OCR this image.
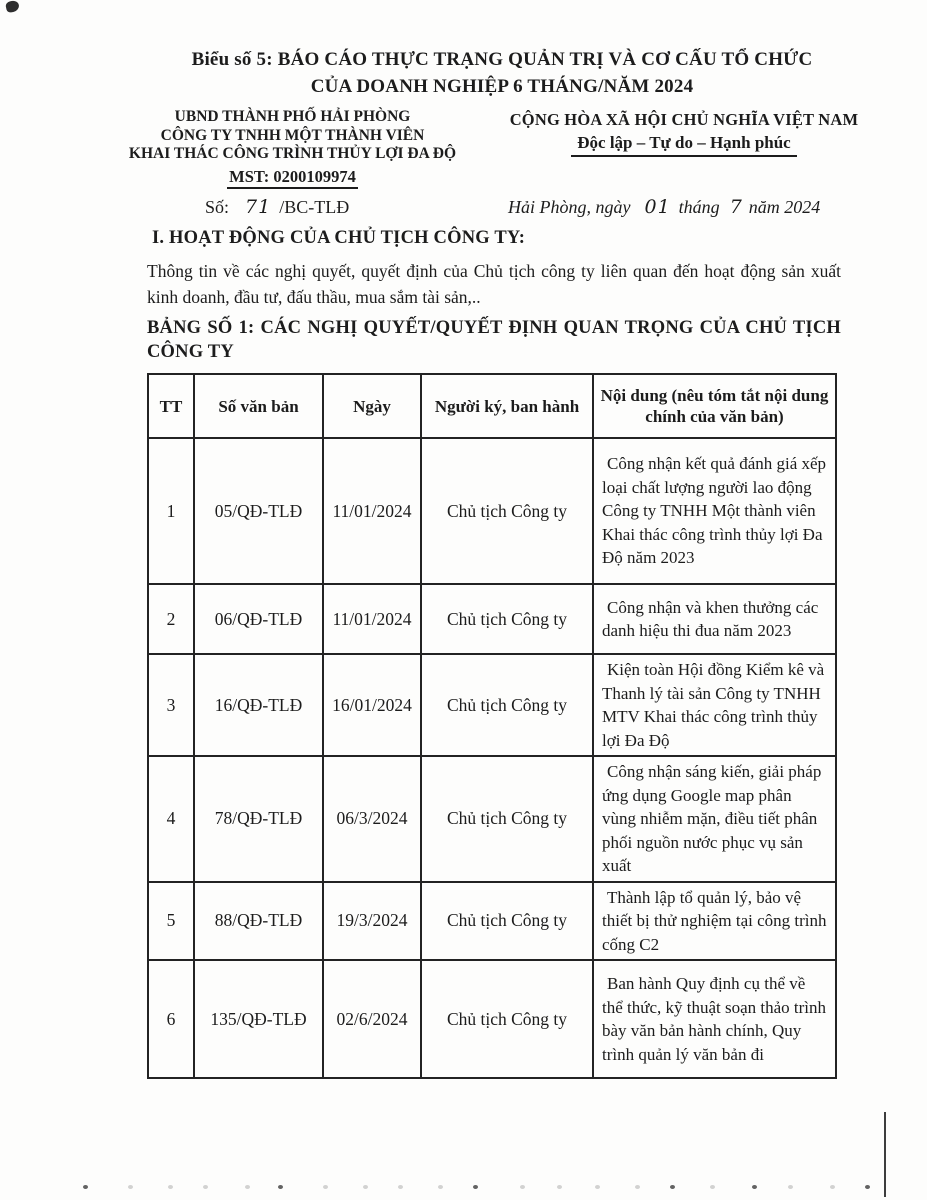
Biểu số 5: BÁO CÁO THỰC TRẠNG QUẢN TRỊ VÀ CƠ CẤU TỔ CHỨC
CỦA DOANH NGHIỆP 6 THÁNG/NĂM 2024
UBND THÀNH PHỐ HẢI PHÒNG
CÔNG TY TNHH MỘT THÀNH VIÊN
KHAI THÁC CÔNG TRÌNH THỦY LỢI ĐA ĐỘ
MST: 0200109974
CỘNG HÒA XÃ HỘI CHỦ NGHĨA VIỆT NAM
Độc lập – Tự do – Hạnh phúc
Số: 71 /BC-TLĐ	Hải Phòng, ngày 01 tháng 7 năm 2024
I. HOẠT ĐỘNG CỦA CHỦ TỊCH CÔNG TY:
Thông tin về các nghị quyết, quyết định của Chủ tịch công ty liên quan đến hoạt động sản xuất kinh doanh, đầu tư, đấu thầu, mua sắm tài sản,..
BẢNG SỐ 1: CÁC NGHỊ QUYẾT/QUYẾT ĐỊNH QUAN TRỌNG CỦA CHỦ TỊCH CÔNG TY
TT	Số văn bản	Ngày	Người ký, ban hành	Nội dung (nêu tóm tắt nội dung chính của văn bản)
1	05/QĐ-TLĐ	11/01/2024	Chủ tịch Công ty	Công nhận kết quả đánh giá xếp loại chất lượng người lao động Công ty TNHH Một thành viên Khai thác công trình thủy lợi Đa Độ năm 2023
2	06/QĐ-TLĐ	11/01/2024	Chủ tịch Công ty	Công nhận và khen thưởng các danh hiệu thi đua năm 2023
3	16/QĐ-TLĐ	16/01/2024	Chủ tịch Công ty	Kiện toàn Hội đồng Kiểm kê và Thanh lý tài sản Công ty TNHH MTV Khai thác công trình thủy lợi Đa Độ
4	78/QĐ-TLĐ	06/3/2024	Chủ tịch Công ty	Công nhận sáng kiến, giải pháp ứng dụng Google map phân vùng nhiễm mặn, điều tiết phân phối nguồn nước phục vụ sản xuất
5	88/QĐ-TLĐ	19/3/2024	Chủ tịch Công ty	Thành lập tổ quản lý, bảo vệ thiết bị thử nghiệm tại công trình cống C2
6	135/QĐ-TLĐ	02/6/2024	Chủ tịch Công ty	Ban hành Quy định cụ thể về thể thức, kỹ thuật soạn thảo trình bày văn bản hành chính, Quy trình quản lý văn bản đi
